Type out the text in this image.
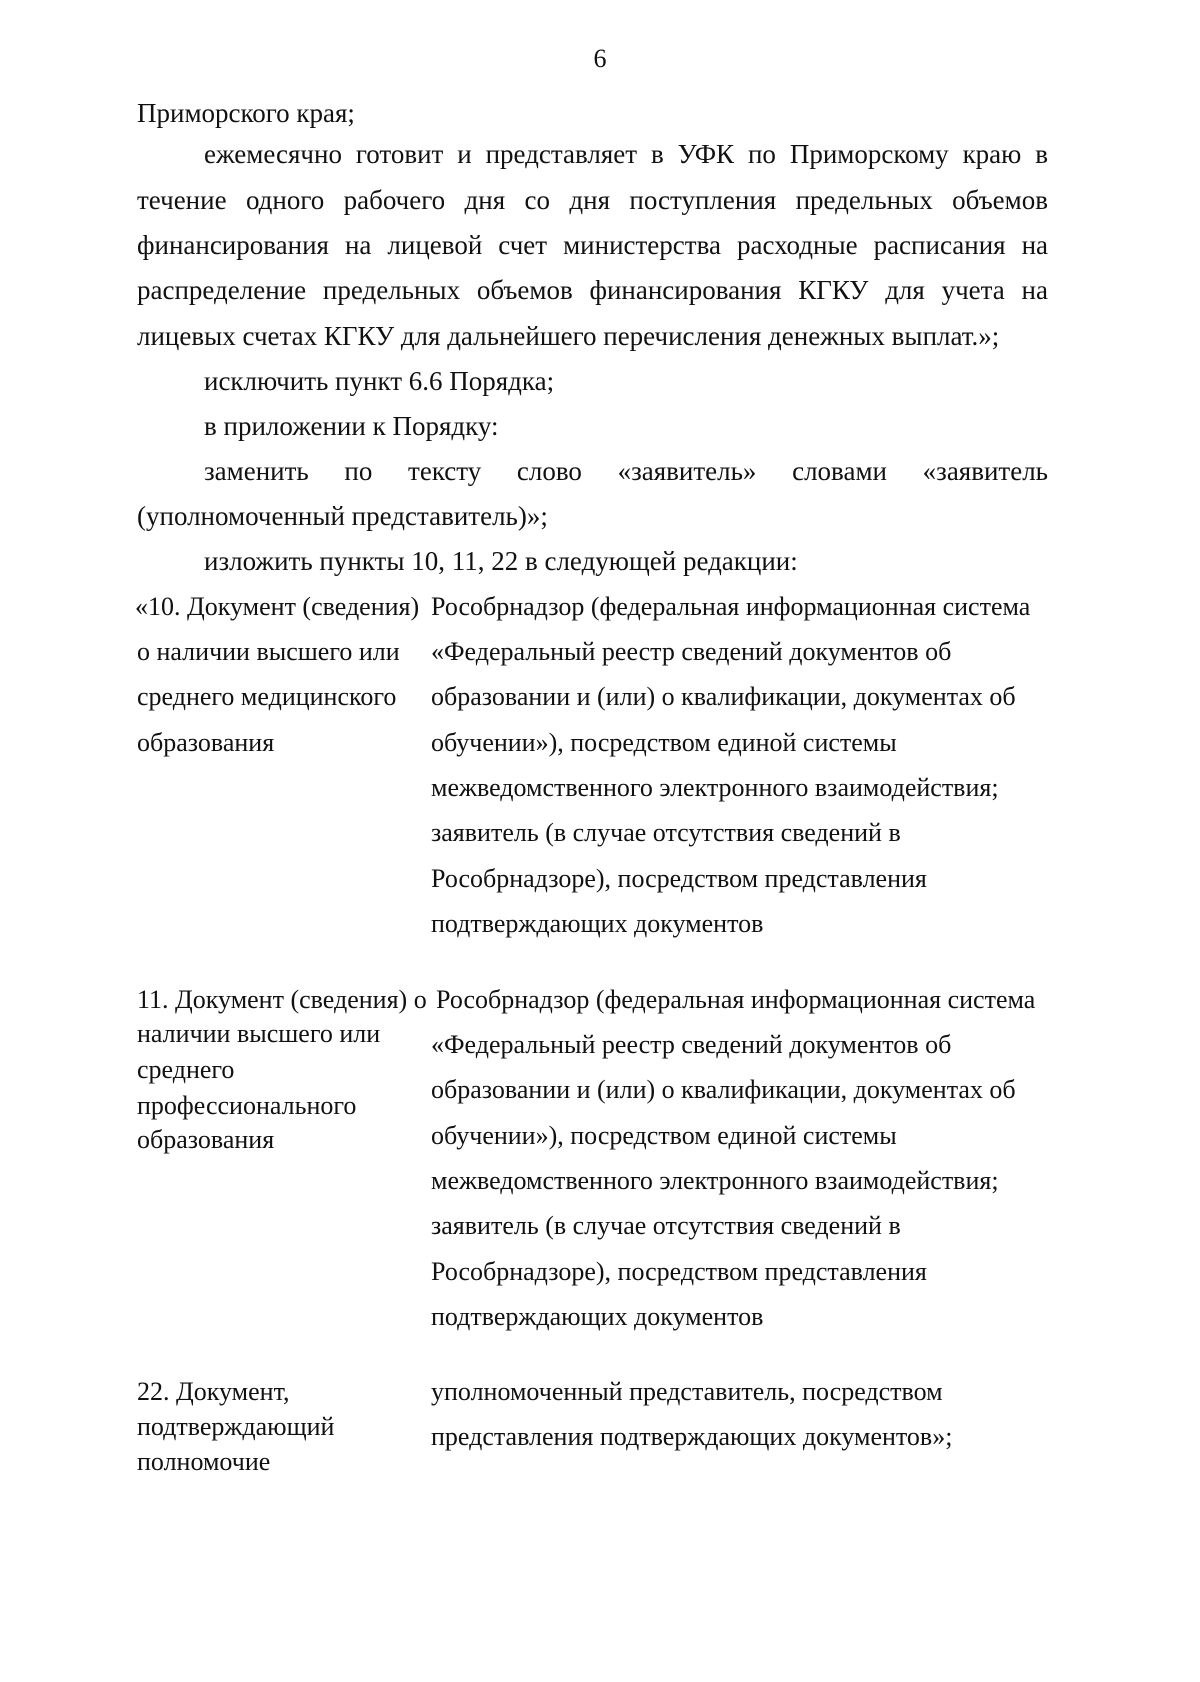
6
Приморского края;
ежемесячно готовит и представляет в УФК по Приморскому краю в
течение одного рабочего дня со дня поступления предельных объемов
финансирования на лицевой счет министерства расходные расписания на
распределение предельных объемов финансирования КГКУ для учета на
лицевых счетах КГКУ для дальнейшего перечисления денежных выплат.»;
исключить пункт 6.6 Порядка;
в приложении к Порядку:
заменить по тексту слово «заявитель» словами «заявитель
(уполномоченный представитель)»;
изложить пункты 10, 11, 22 в следующей редакции:
«10. Документ (сведения)
о наличии высшего или
среднего медицинского
образования
Рособрнадзор (федеральная информационная система
«Федеральный реестр сведений документов об
образовании и (или) о квалификации, документах об
обучении»), посредством единой системы
межведомственного электронного взаимодействия;
заявитель (в случае отсутствия сведений в
Рособрнадзоре), посредством представления
подтверждающих документов
11. Документ (сведения) о
наличии высшего или
среднего
профессионального
образования
Рособрнадзор (федеральная информационная система
«Федеральный реестр сведений документов об
образовании и (или) о квалификации, документах об
обучении»), посредством единой системы
межведомственного электронного взаимодействия;
заявитель (в случае отсутствия сведений в
Рособрнадзоре), посредством представления
подтверждающих документов
22. Документ,
подтверждающий
полномочие
уполномоченный представитель, посредством
представления подтверждающих документов»;
